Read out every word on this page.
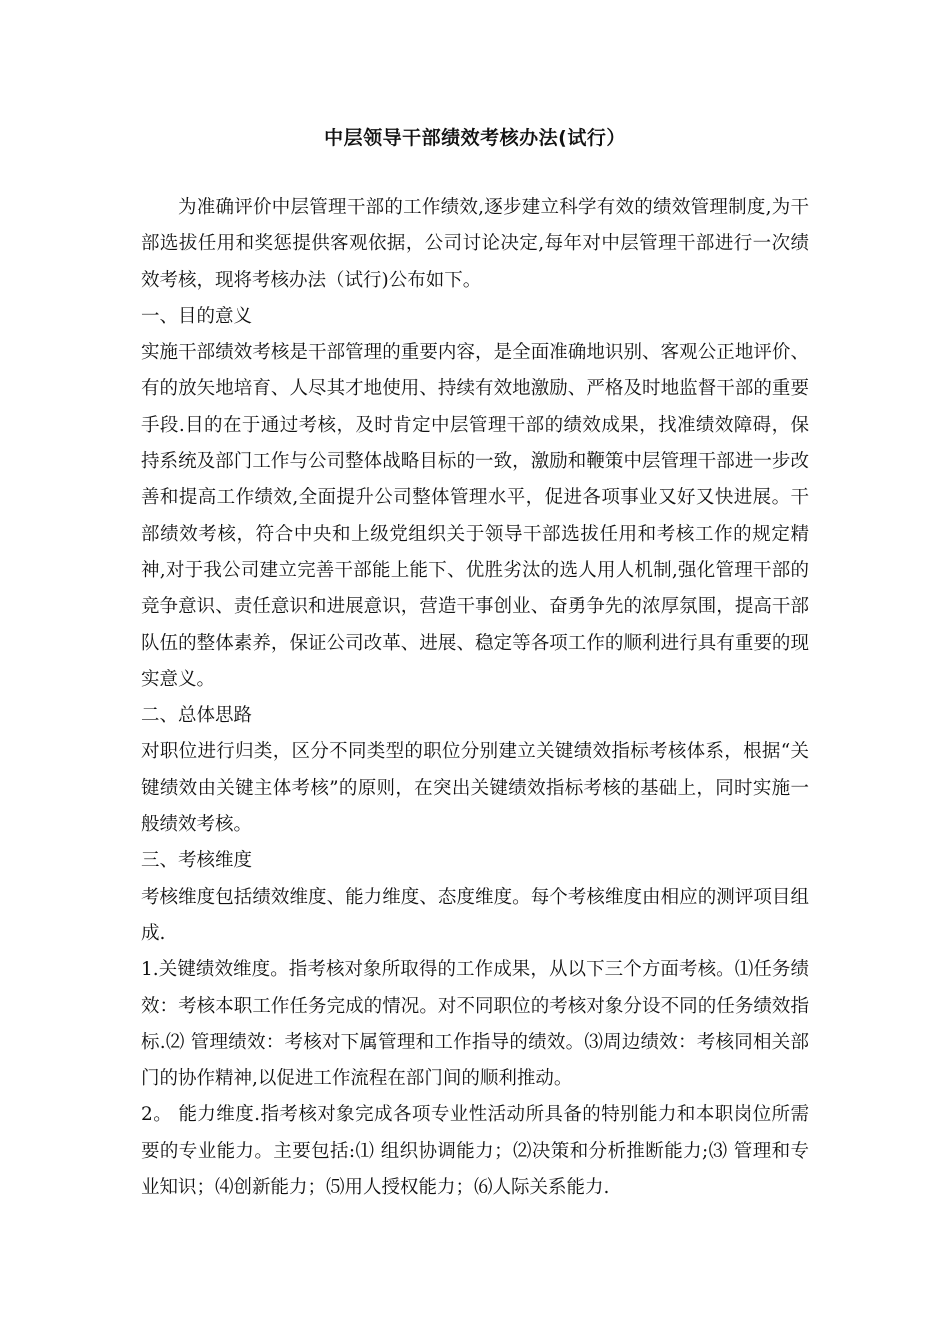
中层领导干部绩效考核办法(试行）

为准确评价中层管理干部的工作绩效,逐步建立科学有效的绩效管理制度,为干部选拔任用和奖惩提供客观依据，公司讨论决定,每年对中层管理干部进行一次绩效考核，现将考核办法（试行)公布如下。

一、目的意义

实施干部绩效考核是干部管理的重要内容，是全面准确地识别、客观公正地评价、有的放矢地培育、人尽其才地使用、持续有效地激励、严格及时地监督干部的重要手段.目的在于通过考核，及时肯定中层管理干部的绩效成果，找准绩效障碍，保持系统及部门工作与公司整体战略目标的一致，激励和鞭策中层管理干部进一步改善和提高工作绩效,全面提升公司整体管理水平，促进各项事业又好又快进展。干部绩效考核，符合中央和上级党组织关于领导干部选拔任用和考核工作的规定精神,对于我公司建立完善干部能上能下、优胜劣汰的选人用人机制,强化管理干部的竞争意识、责任意识和进展意识，营造干事创业、奋勇争先的浓厚氛围，提高干部队伍的整体素养，保证公司改革、进展、稳定等各项工作的顺利进行具有重要的现实意义。

二、总体思路

对职位进行归类，区分不同类型的职位分别建立关键绩效指标考核体系，根据“关键绩效由关键主体考核”的原则，在突出关键绩效指标考核的基础上，同时实施一般绩效考核。

三、考核维度

考核维度包括绩效维度、能力维度、态度维度。每个考核维度由相应的测评项目组成.

1.关键绩效维度。指考核对象所取得的工作成果，从以下三个方面考核。⑴任务绩效：考核本职工作任务完成的情况。对不同职位的考核对象分设不同的任务绩效指标.⑵ 管理绩效：考核对下属管理和工作指导的绩效。⑶周边绩效：考核同相关部门的协作精神,以促进工作流程在部门间的顺利推动。

2。 能力维度.指考核对象完成各项专业性活动所具备的特别能力和本职岗位所需要的专业能力。主要包括:⑴ 组织协调能力；⑵决策和分析推断能力;⑶ 管理和专业知识；⑷创新能力；⑸用人授权能力；⑹人际关系能力.
